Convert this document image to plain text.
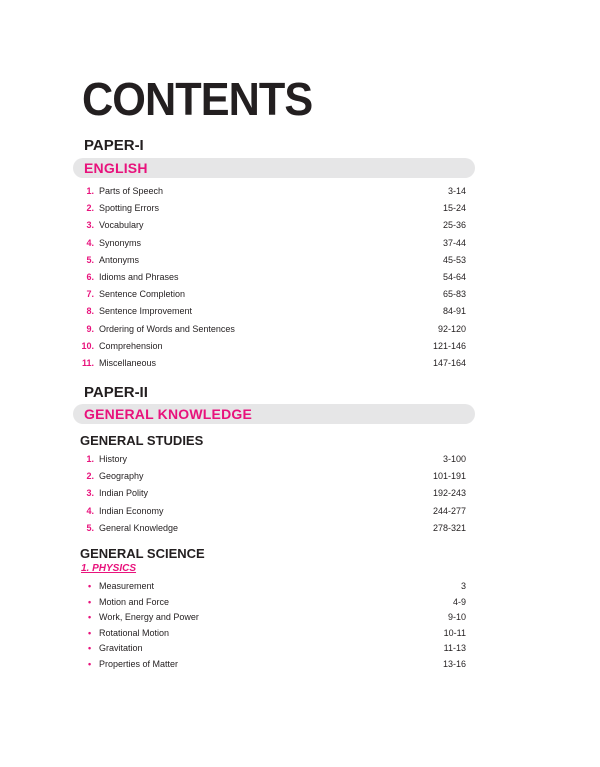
CONTENTS
PAPER-I
ENGLISH
1. Parts of Speech	3-14
2. Spotting Errors	15-24
3. Vocabulary	25-36
4. Synonyms	37-44
5. Antonyms	45-53
6. Idioms and Phrases	54-64
7. Sentence Completion	65-83
8. Sentence Improvement	84-91
9. Ordering of Words and Sentences	92-120
10. Comprehension	121-146
11. Miscellaneous	147-164
PAPER-II
GENERAL KNOWLEDGE
GENERAL STUDIES
1. History	3-100
2. Geography	101-191
3. Indian Polity	192-243
4. Indian Economy	244-277
5. General Knowledge	278-321
GENERAL SCIENCE
1. PHYSICS
• Measurement	3
• Motion and Force	4-9
• Work, Energy and Power	9-10
• Rotational Motion	10-11
• Gravitation	11-13
• Properties of Matter	13-16
